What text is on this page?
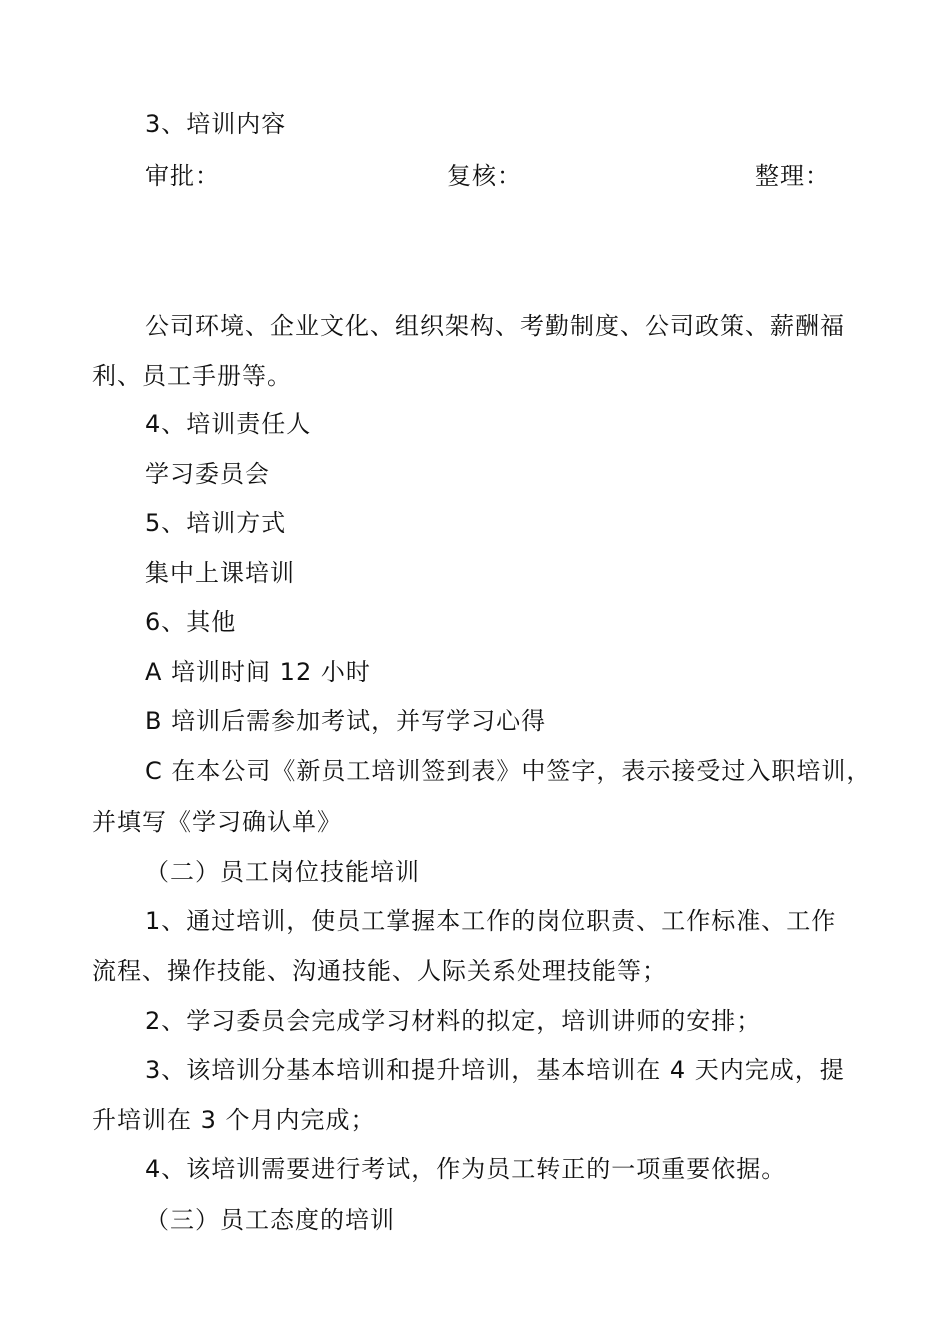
3、培训内容
审批：	复核：	整理：
公司环境、企业文化、组织架构、考勤制度、公司政策、薪酬福
利、员工手册等。
4、培训责任人
学习委员会
5、培训方式
集中上课培训
6、其他
A 培训时间 12 小时
B 培训后需参加考试，并写学习心得
C 在本公司《新员工培训签到表》中签字，表示接受过入职培训，
并填写《学习确认单》
（二）员工岗位技能培训
1、通过培训，使员工掌握本工作的岗位职责、工作标准、工作
流程、操作技能、沟通技能、人际关系处理技能等；
2、学习委员会完成学习材料的拟定，培训讲师的安排；
3、该培训分基本培训和提升培训，基本培训在 4 天内完成，提
升培训在 3 个月内完成；
4、该培训需要进行考试，作为员工转正的一项重要依据。
（三）员工态度的培训
